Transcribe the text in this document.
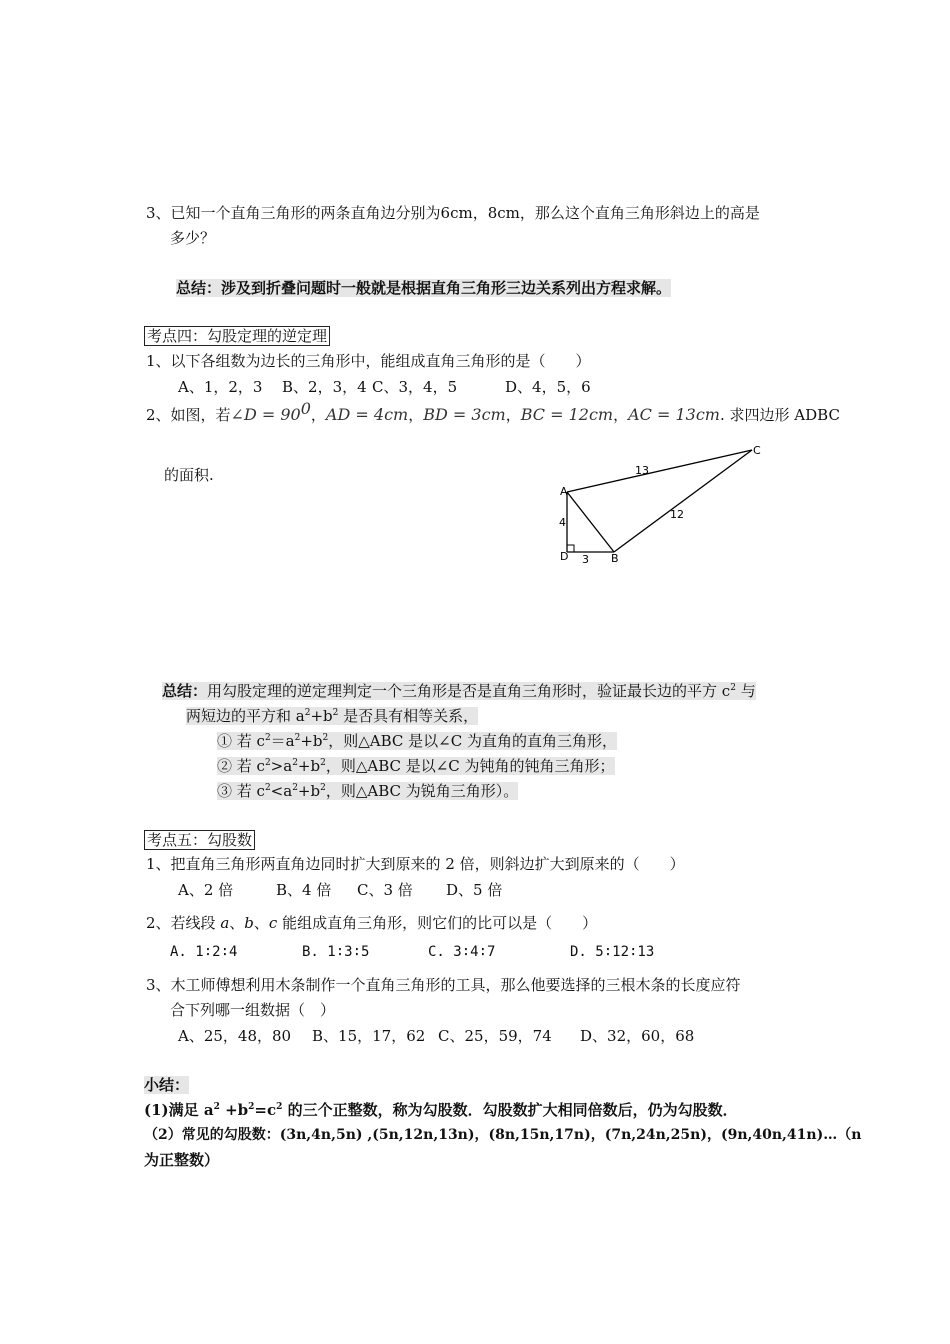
3、已知一个直角三角形的两条直角边分别为6cm，8cm，那么这个直角三角形斜边上的高是
多少？
总结：涉及到折叠问题时一般就是根据直角三角形三边关系列出方程求解。
考点四：勾股定理的逆定理
1、以下各组数为边长的三角形中，能组成直角三角形的是（　　）
A、1，2，3 B、2，3，4 C、3，4，5	D、4，5，6
2、如图，若∠D = $90^0$，AD = 4cm，BD = 3cm，BC = 12cm，AC = 13cm. 求四边形 ADBC
的面积.
A
D	B
C
13
12
4
3
总结：用勾股定理的逆定理判定一个三角形是否是直角三角形时，验证最长边的平方 $c^2$ 与
两短边的平方和 $a^2+b^2$ 是否具有相等关系，
① 若 $c^2=a^2+b^2$，则△ABC 是以∠C 为直角的直角三角形，
② 若 $c^2>a^2+b^2$，则△ABC 是以∠C 为钝角的钝角三角形；
③ 若 $c^2<a^2+b^2$，则△ABC 为锐角三角形）。
考点五：勾股数
1、把直角三角形两直角边同时扩大到原来的 2 倍，则斜边扩大到原来的（　　）
A、2 倍	B、4 倍 C、3 倍 D、5 倍
2、若线段 a、b、c 能组成直角三角形，则它们的比可以是（　　）
A. 1∶2∶4	B. 1∶3∶5	C. 3∶4∶7	D. 5∶12∶13
3、木工师傅想利用木条制作一个直角三角形的工具，那么他要选择的三根木条的长度应符
合下列哪一组数据（　）
A、25，48，80 B、15，17，62 C、25，59，74 D、32，60，68
小结：
(1)满足 $a^2 +b^2=c^2$ 的三个正整数，称为勾股数．勾股数扩大相同倍数后，仍为勾股数．
（2）常见的勾股数：(3n,4n,5n) ,(5n,12n,13n)，(8n,15n,17n)，(7n,24n,25n)，(9n,40n,41n)…（n
为正整数）
